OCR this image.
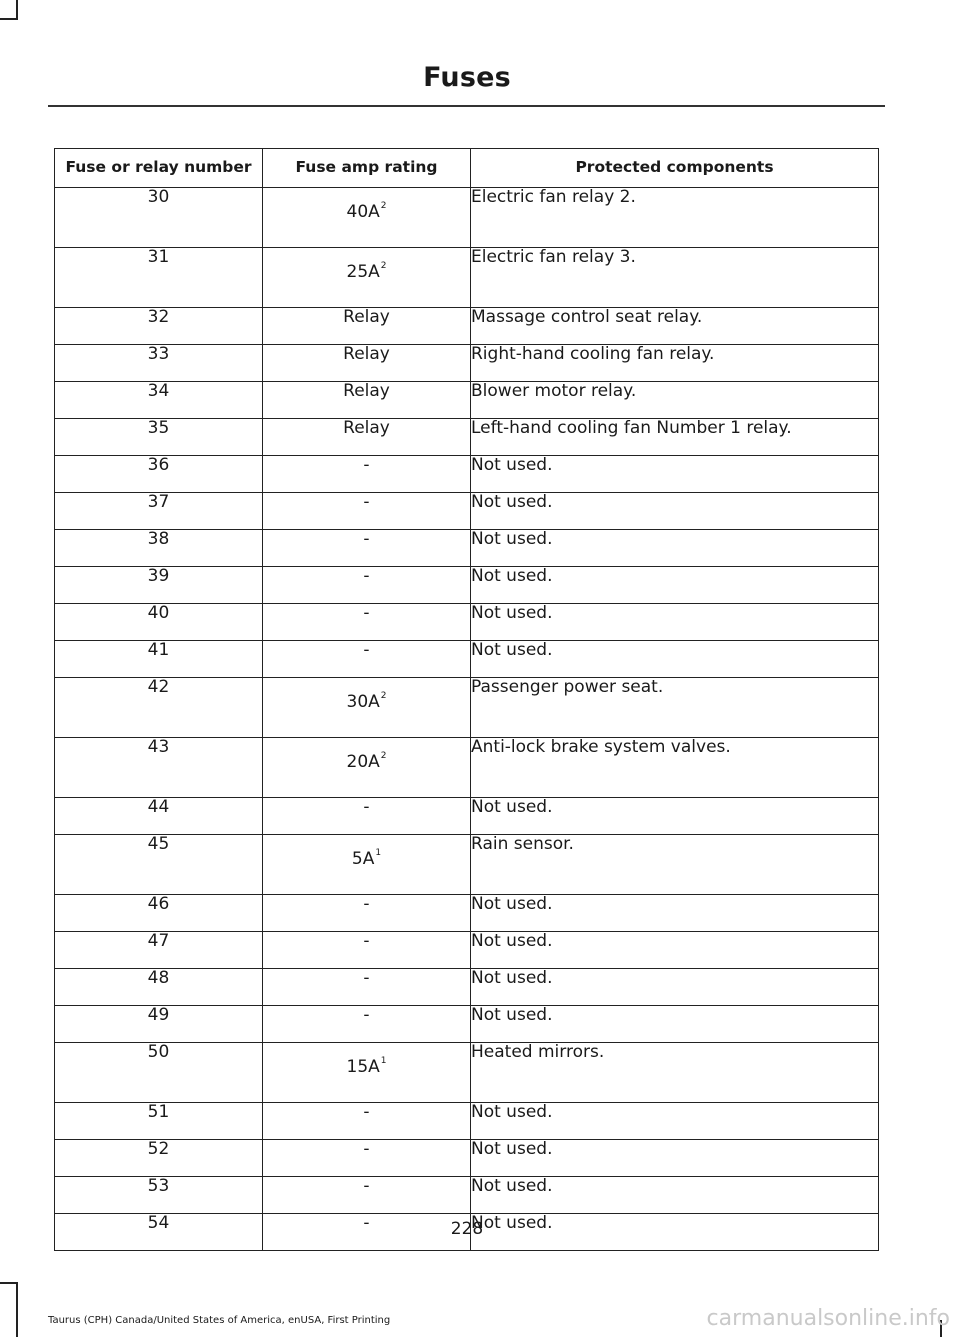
Fuses
Fuse or relay number	Fuse amp rating	Protected components
30	40A$^2$	Electric fan relay 2.
31	25A$^2$	Electric fan relay 3.
32	Relay	Massage control seat relay.
33	Relay	Right-hand cooling fan relay.
34	Relay	Blower motor relay.
35	Relay	Left-hand cooling fan Number 1 relay.
36	-	Not used.
37	-	Not used.
38	-	Not used.
39	-	Not used.
40	-	Not used.
41	-	Not used.
42	30A$^2$	Passenger power seat.
43	20A$^2$	Anti-lock brake system valves.
44	-	Not used.
45	5A$^1$	Rain sensor.
46	-	Not used.
47	-	Not used.
48	-	Not used.
49	-	Not used.
50	15A$^1$	Heated mirrors.
51	-	Not used.
52	-	Not used.
53	-	Not used.
54	-	Not used.
228
Taurus (CPH) Canada/United States of America, enUSA, First Printing	carmanualsonline.info
